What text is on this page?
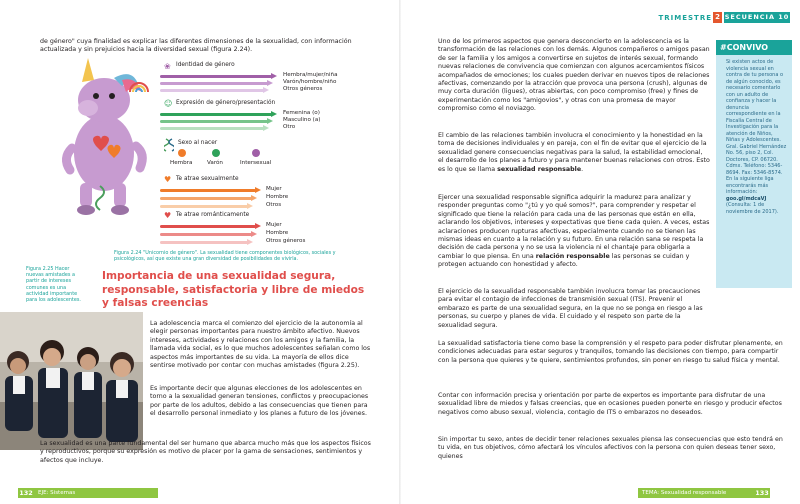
TRIMESTRE 2 SECUENCIA 10

de género" cuya finalidad es explicar las diferentes dimensiones de la sexualidad, con información actualizada y sin prejuicios hacia la diversidad sexual (figura 2.24).

❀ Identidad de género
Hembra/mujer/niña
Varón/hombre/niño
Otros géneros
☺ Expresión de género/presentación
Femenina (o)
Masculino (a)
Otro
Sexo al nacer
Hembra	Varón	Intersexual
♥ Te atrae sexualmente
Mujer
Hombre
Otros
♥ Te atrae románticamente
Mujer
Hombre
Otros géneros
Figura 2.24 "Unicornio de género". La sexualidad tiene componentes biológicos, sociales y psicológicos, así que existe una gran diversidad de posibilidades de vivirla.
Figura 2.25 Hacer nuevas amistades a partir de intereses comunes es una actividad importante para los adolescentes.
Importancia de una sexualidad segura, responsable, satisfactoria y libre de miedos y falsas creencias

La adolescencia marca el comienzo del ejercicio de la autonomía al elegir personas importantes para nuestro ámbito afectivo. Nuevos intereses, actividades y relaciones con los amigos y la familia, la llamada vida social, es lo que muchos adolescentes señalan como los aspectos más importantes de su vida. La mayoría de ellos dice sentirse motivado por contar con muchas amistades (figura 2.25).

Es importante decir que algunas elecciones de los adolescentes en torno a la sexualidad generan tensiones, conflictos y preocupaciones por parte de los adultos, debido a las consecuencias que tienen para el desarrollo personal inmediato y los planes a futuro de los jóvenes.

La sexualidad es una parte fundamental del ser humano que abarca mucho más que los aspectos físicos y reproductivos, porque su expresión es motivo de placer por la gama de sensaciones, sentimientos y afectos que incluye.

132 EJE: Sistemas

Uno de los primeros aspectos que genera desconcierto en la adolescencia es la transformación de las relaciones con los demás. Algunos compañeros o amigos pasan de ser la familia y los amigos a convertirse en sujetos de interés sexual, formando nuevas relaciones de convivencia que comienzan con algunos acercamientos físicos acompañados de emociones; los cuales pueden derivar en nuevos tipos de relaciones afectivas, comenzando por la atracción que provoca una persona (crush), algunas de muy corta duración (ligues), otras abiertas, con poco compromiso (free) y fines de experimentación como los "amigovios", y otras con una promesa de mayor compromiso como el noviazgo.

El cambio de las relaciones también involucra el conocimiento y la honestidad en la toma de decisiones individuales y en pareja, con el fin de evitar que el ejercicio de la sexualidad genere consecuencias negativas para la salud, la estabilidad emocional, el desarrollo de los planes a futuro y para mantener buenas relaciones con otros. Esto es lo que se llama sexualidad responsable.

Ejercer una sexualidad responsable significa adquirir la madurez para analizar y responder preguntas como "¿tú y yo qué somos?", para comprender y respetar el significado que tiene la relación para cada una de las personas que están en ella, aclarando los objetivos, intereses y expectativas que tiene cada quien. A veces, estas aclaraciones producen rupturas afectivas, especialmente cuando no se tienen las mismas ideas en cuanto a la relación y su futuro. En una relación sana se respeta la decisión de cada persona y no se usa la violencia ni el chantaje para obligarla a cambiar lo que piensa. En una relación responsable las personas se cuidan y protegen actuando con honestidad y afecto.

El ejercicio de la sexualidad responsable también involucra tomar las precauciones para evitar el contagio de infecciones de transmisión sexual (ITS). Prevenir el embarazo es parte de una sexualidad segura, en la que no se ponga en riesgo a las personas, su cuerpo y planes de vida. El cuidado y el respeto son parte de la sexualidad segura.

La sexualidad satisfactoria tiene como base la comprensión y el respeto para poder disfrutar plenamente, en condiciones adecuadas para estar seguros y tranquilos, tomando las decisiones con tiempo, para compartir con la persona que quieres y te quiere, sentimientos profundos, sin poner en riesgo tu salud física y mental.

Contar con información precisa y orientación por parte de expertos es importante para disfrutar de una sexualidad libre de miedos y falsas creencias, que en ocasiones pueden ponerte en riesgo y producir efectos negativos como abuso sexual, violencia, contagio de ITS o embarazos no deseados.

Sin importar tu sexo, antes de decidir tener relaciones sexuales piensa las consecuencias que esto tendrá en tu vida, en tus objetivos, cómo afectará los vínculos afectivos con la persona con quien deseas tener sexo, quienes

#CONVIVO
Si existen actos de violencia sexual en contra de tu persona o de algún conocido, es necesario comentarlo con un adulto de confianza y hacer la denuncia correspondiente en la Fiscalía Central de Investigación para la atención de Niños, Niñas y Adolescentes. Gral. Gabriel Hernández No. 56, piso 2, Col. Doctores, CP. 06720. Cdmx. Teléfono: 5346-8694. Fax: 5346-8574. En la siguiente liga encontrarás más información: goo.gl/mdcaVJ (Consulta: 1 de noviembre de 2017).
TEMA: Sexualidad responsable	133
